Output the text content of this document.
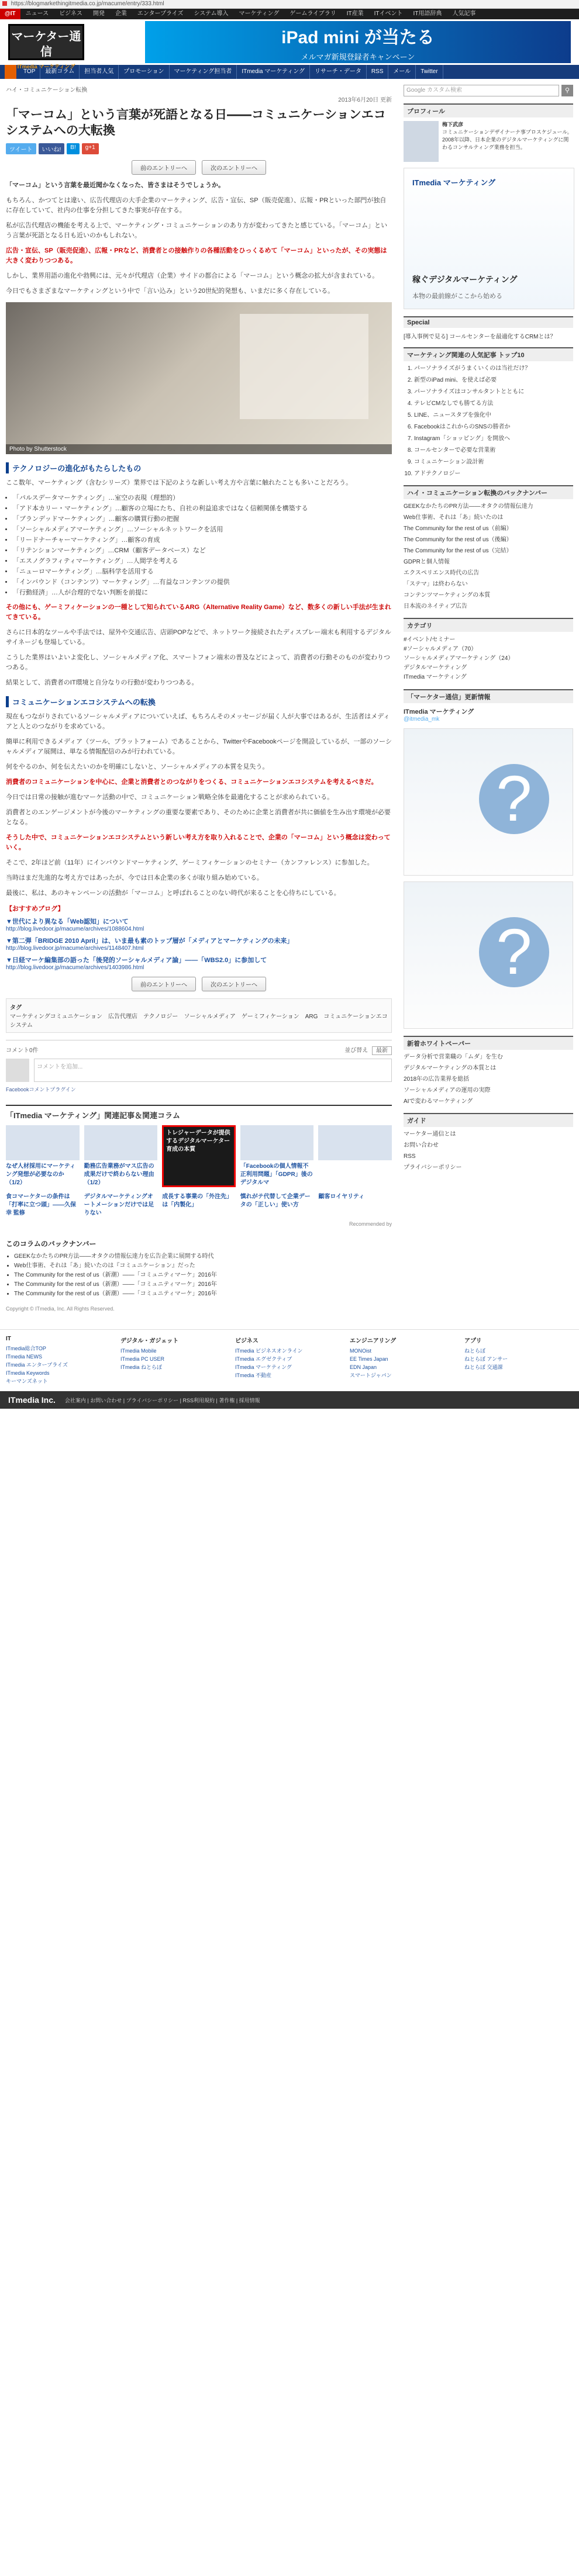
https://blogmarkethingitmedia.co.jp/macume/entry/333.html
@IT	ニュース	ビジネス	開発	企業	エンタープライズ	システム導入	マーケティング	ゲームライブラリ	IT産業	ITイベント	IT用語辞典	人気記事
マーケター通信
ITmedia マーケティング
iPad mini が当たる
メルマガ新規登録者キャンペーン
TOP	最新コラム	担当者人気	プロモーション	マーケティング担当者	ITmedia マーケティング	リサーチ・データ	RSS	メール	Twitter
ハイ・コミュニケーション転換
2013年6月20日 更新
「マーコム」という言葉が死語となる日――コミュニケーションエコシステムへの大転換
ツイート	いいね!	B!	g+1
前のエントリーへ	次のエントリーへ

「マーコム」という言葉を最近聞かなくなった、皆さまはそうでしょうか。

もちろん、かつてとは違い、広告代理店の大手企業のマーケティング、広告・宣伝、SP（販売促進）、広報・PRといった部門が独自に存在していて、社内の仕事を分担してきた事実が存在する。

私が広告代理店の機能を考える上で、マーケティング・コミュニケーションのあり方が変わってきたと感じている。「マーコム」という言葉が死語となる日も近いのかもしれない。

広告・宣伝、SP（販売促進）、広報・PRなど、消費者との接触作りの各種活動をひっくるめて「マーコム」といったが、その実態は大きく変わりつつある。

しかし、業界用語の進化や勃興には、元々が代理店（企業）サイドの都合による「マーコム」という概念の拡大が含まれている。

今日でもさまざまなマーケティングという中で「言い込み」という20世紀的発想も、いまだに多く存在している。

Photo by Shutterstock
テクノロジーの進化がもたらしたもの

ここ数年、マーケティング（含むシリーズ）業界では下記のような新しい考え方や言葉に触れたことも多いことだろう。

• 「パルスデータマーケティング」…室空の表現（理想的）
• 「アド本カリー・マーケティング」…顧客の立場にたち、自社の利益追求ではなく信頼関係を構築する
• 「ブランデッドマーケティング」…顧客の購買行動の把握
• 「ソーシャルメディアマーケティング」…ソーシャルネットワークを活用
• 「リードナーチャーマーケティング」…顧客の育成
• 「リテンションマーケティング」…CRM（顧客データベース）など
• 「エスノグラフィティマーケティング」…人間学を考える
• 「ニューロマーケティング」…脳科学を活用する
• 「インバウンド（コンテンツ）マーケティング」…有益なコンテンツの提供
• 「行動経済」…人が合理的でない判断を前提に

その他にも、ゲーミフィケーションの一種として知られているARG（Alternative Reality Game）など、数多くの新しい手法が生まれてきている。

さらに日本的なツールや手法では、屋外や交通広告、店頭POPなどで、ネットワーク接続されたディスプレー端末も利用するデジタルサイネージも登場している。

こうした業界はいよいよ変化し、ソーシャルメディア化、スマートフォン端末の普及などによって、消費者の行動そのものが変わりつつある。

結果として、消費者のIT環境と自分なりの行動が変わりつつある。

コミュニケーションエコシステムへの転換

現在もつながりされているソーシャルメディアについていえば、もちろんそのメッセージが届く人が大事ではあるが、生活者はメディアと人とのつながりを求めている。

簡単に利用できるメディア（ツール、プラットフォーム）であることから、TwitterやFacebookページを開設しているが、一部のソーシャルメディア展開は、単なる情報配信のみが行われている。

何をやるのか、何を伝えたいのかを明確にしないと、ソーシャルメディアの本質を見失う。

消費者のコミュニケーションを中心に、企業と消費者とのつながりをつくる、コミュニケーションエコシステムを考えるべきだ。

今日では日常の接触が進むマーケ活動の中で、コミュニケーション戦略全体を最適化することが求められている。

消費者とのエンゲージメントが今後のマーケティングの重要な要素であり、そのために企業と消費者が共に価値を生み出す環境が必要となる。

そうした中で、コミュニケーションエコシステムという新しい考え方を取り入れることで、企業の「マーコム」という概念は変わっていく。

そこで、2年ほど前（11年）にインバウンドマーケティング、ゲーミフィケーションのセミナー（カンファレンス）に参加した。

当時はまだ先進的な考え方ではあったが、今では日本企業の多くが取り組み始めている。

最後に、私は、あのキャンペーンの活動が「マーコム」と呼ばれることのない時代が来ることを心待ちにしている。

【おすすめブログ】
▼世代により異なる「Web認知」について
http://blog.livedoor.jp/macume/archives/1088604.html
▼第二弾「BRIDGE 2010 April」は、いま最も素のトップ層が「メディアとマーケティングの未来」
http://blog.livedoor.jp/macume/archives/1148407.html
▼日経マーケ編集部の語った「後発的ソーシャルメディア論」――「WBS2.0」に参加して
http://blog.livedoor.jp/macume/archives/1403986.html
前のエントリーへ	次のエントリーへ
タグ
マーケティングコミュニケーション　広告代理店　テクノロジー　ソーシャルメディア　ゲーミフィケーション　ARG　コミュニケーションエコシステム
コメント0件	並び替え 最新
コメントを追加...
Facebookコメントプラグイン
「ITmedia マーケティング」関連記事＆関連コラム
なぜ人材採用にマーケティング発想が必要なのか（1/2）
勤務広告業務がマス広告の成果だけで終わらない理由（1/2）
トレジャーデータが提供するデジタルマーケター育成の本質
「Facebookの個人情報不正利用問題」「GDPR」後のデジタルマ
食コマーケターの条件は「打率に立つ頭」――久保幸 監修
デジタルマーケティングオートメーションだけでは足りない
成長する事業の「外注先」は「内製化」
慎れがテ代替して企業データの「正しい」使い方
顧客ロイヤリティ
Recommended by
このコラムのバックナンバー
• GEEKなかたちのPR方法――オタクの情報伝達力を広告企業に展開する時代
• Web仕事術、それは「あ」続いたのは『コミュニケーション』だった
• The Community for the rest of us（新潮）――「コミュニティマーケ」2016年
• The Community for the rest of us（新潮）――「コミュニティマーケ」2016年
• The Community for the rest of us（新潮）――「コミュニティマーケ」2016年
Copyright © ITmedia, Inc. All Rights Reserved.
Google カスタム検索	⚲
プロフィール
梅下武彦
コミュニケーションデザイナーナ事プロスケジュール。2008年以降、日本企業のデジタルマーケティングに関わるコンサルティング業務を担当。
ITmedia マーケティング
稼ぐデジタルマーケティング
本物の最前線がここから始める
Special
[導入事例で見る] コールセンターを最適化するCRMとは？
マーケティング関連の人気記事 トップ10
1. パーソナライズがうまくいくのは当社だけ？
2. 新型のiPad mini、を使えば必要
3. パーソナライズはコンサルタントとともに
4. テレビCMなしでも勝てる方法
5. LINE、ニュースタブを強化中
6. FacebookはこれからのSNSの勝者か
7. Instagram「ショッピング」を開放へ
8. コールセンターで必要な営業術
9. コミュニケーション設計術
10. アドテクノロジー
ハイ・コミュニケーション転換のバックナンバー
GEEKなかたちのPR方法――オタクの情報伝達力
Web仕事術、それは「あ」続いたのは
The Community for the rest of us（前編）
The Community for the rest of us（後編）
The Community for the rest of us（完結）
GDPRと個人情報
エクスペリエンス時代の広告
「ステマ」は終わらない
コンテンツマーケティングの本質
日本流のネイティブ広告
カテゴリ
#イベント/セミナー
#ソーシャルメディア（70）
ソーシャルメディアマーケティング（24）
デジタルマーケティング
ITmedia マーケティング
「マーケター通信」更新情報
ITmedia マーケティング
@itmedia_mk
?
?
新着ホワイトペーパー
データ分析で営業職の「ムダ」を生む
デジタルマーケティングの本質とは
2018年の広告業界を総括
ソーシャルメディアの運用の実際
AIで変わるマーケティング
ガイド
マーケター通信とは
お問い合わせ
RSS
プライバシーポリシー
IT
ITmedia総合TOP
ITmedia NEWS
ITmedia エンタープライズ
ITmedia Keywords
キーマンズネット
デジタル・ガジェット
ITmedia Mobile
ITmedia PC USER
ITmedia ねとらぼ
ビジネス
ITmedia ビジネスオンライン
ITmedia エグゼクティブ
ITmedia マーケティング
ITmedia 不動産
エンジニアリング
MONOist
EE Times Japan
EDN Japan
スマートジャパン
アプリ
ねとらぼ
ねとらぼ アンサー
ねとらぼ 交通課
ITmedia Inc. 会社案内 | お問い合わせ | プライバシーポリシー | RSS利用規約 | 著作権 | 採用情報
